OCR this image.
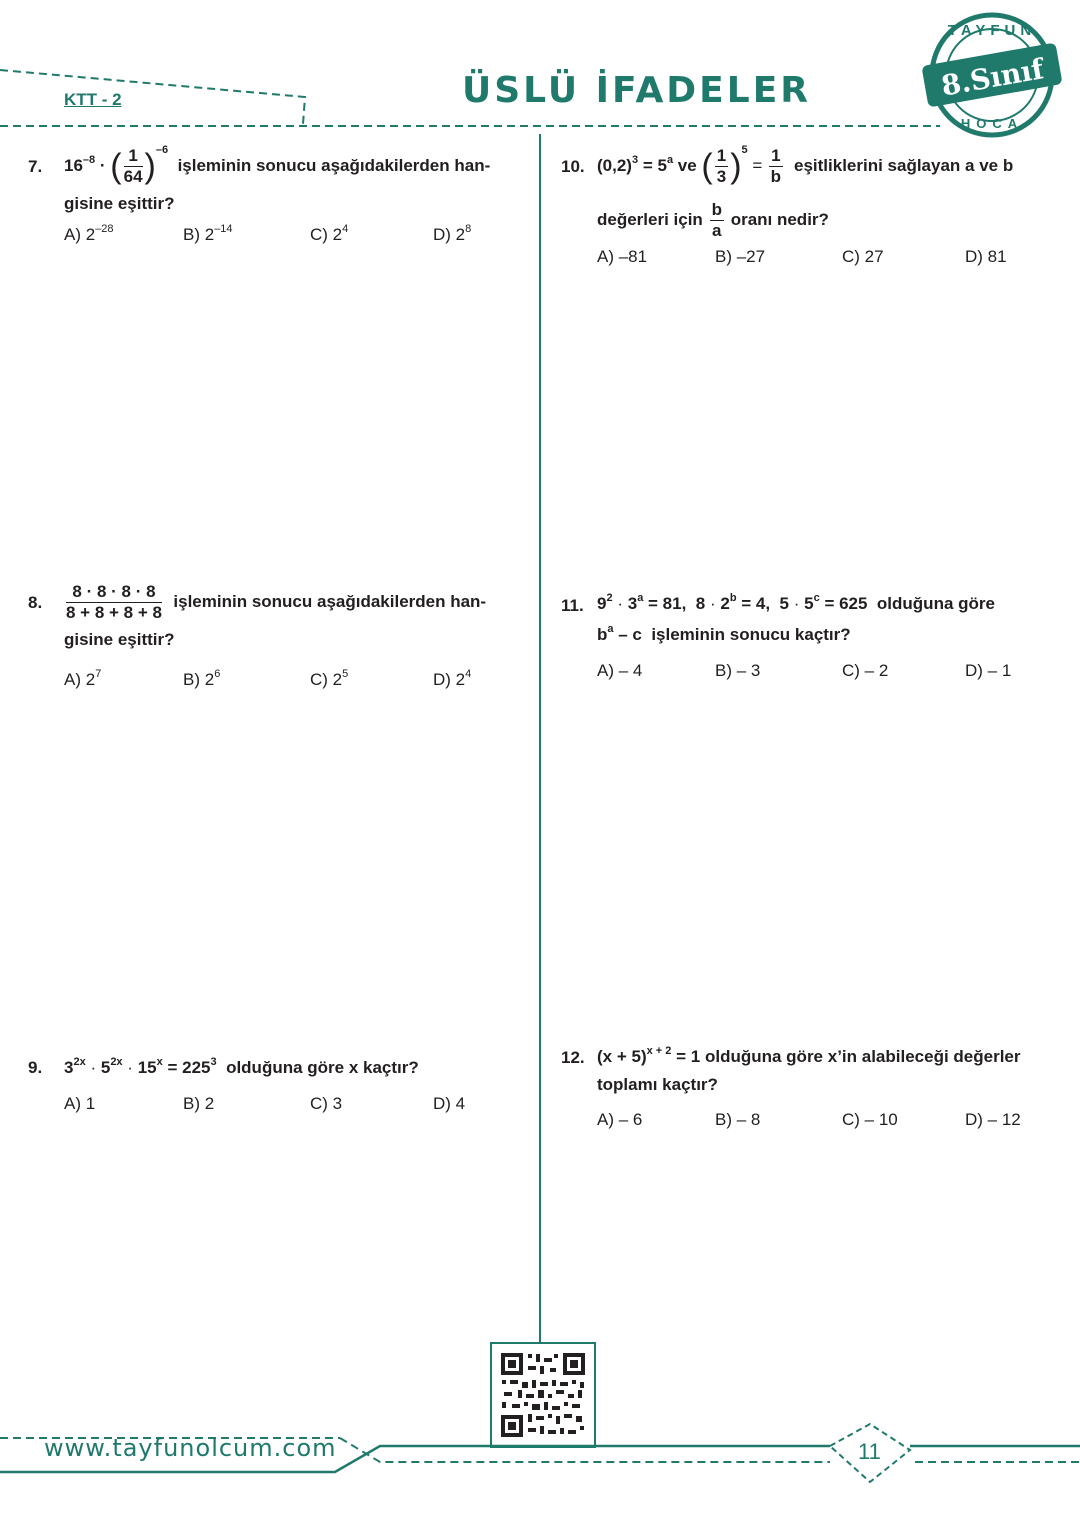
KTT - 2	ÜSLÜ İFADELER
TAYFUN
8.Sınıf
HOCA
7. $16^{-8}$ · ( $\frac{1}{64} )^{-6}$  işleminin sonucu aşağıdakilerden han-
gisine eşittir?
A) $2^{-28}$	B) $2^{-14}$	C) $2^4$	D) $2^8$
8. $\frac{8 \cdot 8 \cdot 8 \cdot 8}{8 + 8 + 8 + 8}$ işleminin sonucu aşağıdakilerden han-
gisine eşittir?
A) $2^7$	B) $2^6$	C) $2^5$	D) $2^4$
9. $3^{2x} \cdot 5^{2x} \cdot 15^x = 225^3$ olduğuna göre x kaçtır?
A) 1	B) 2	C) 3	D) 4
10. $(0,2)^3 = 5^a$ ve ( $\frac{1}{3} )^5 = \frac{1}{b}$ eşitliklerini sağlayan a ve b
değerleri için $\frac{b}{a}$ oranı nedir?
A) –81	B) –27	C) 27	D) 81
11. $9^2 \cdot 3^a = 81$,  $8 \cdot 2^b = 4$,  $5 \cdot 5^c = 625$ olduğuna göre
$b^a$ – c işleminin sonucu kaçtır?
A) – 4	B) – 3	C) – 2	D) – 1
12. $(x + 5)^{x + 2} = 1$ olduğuna göre x’in alabileceği değerler
toplamı kaçtır?
A) – 6	B) – 8	C) – 10	D) – 12
www.tayfunolcum.com	11
